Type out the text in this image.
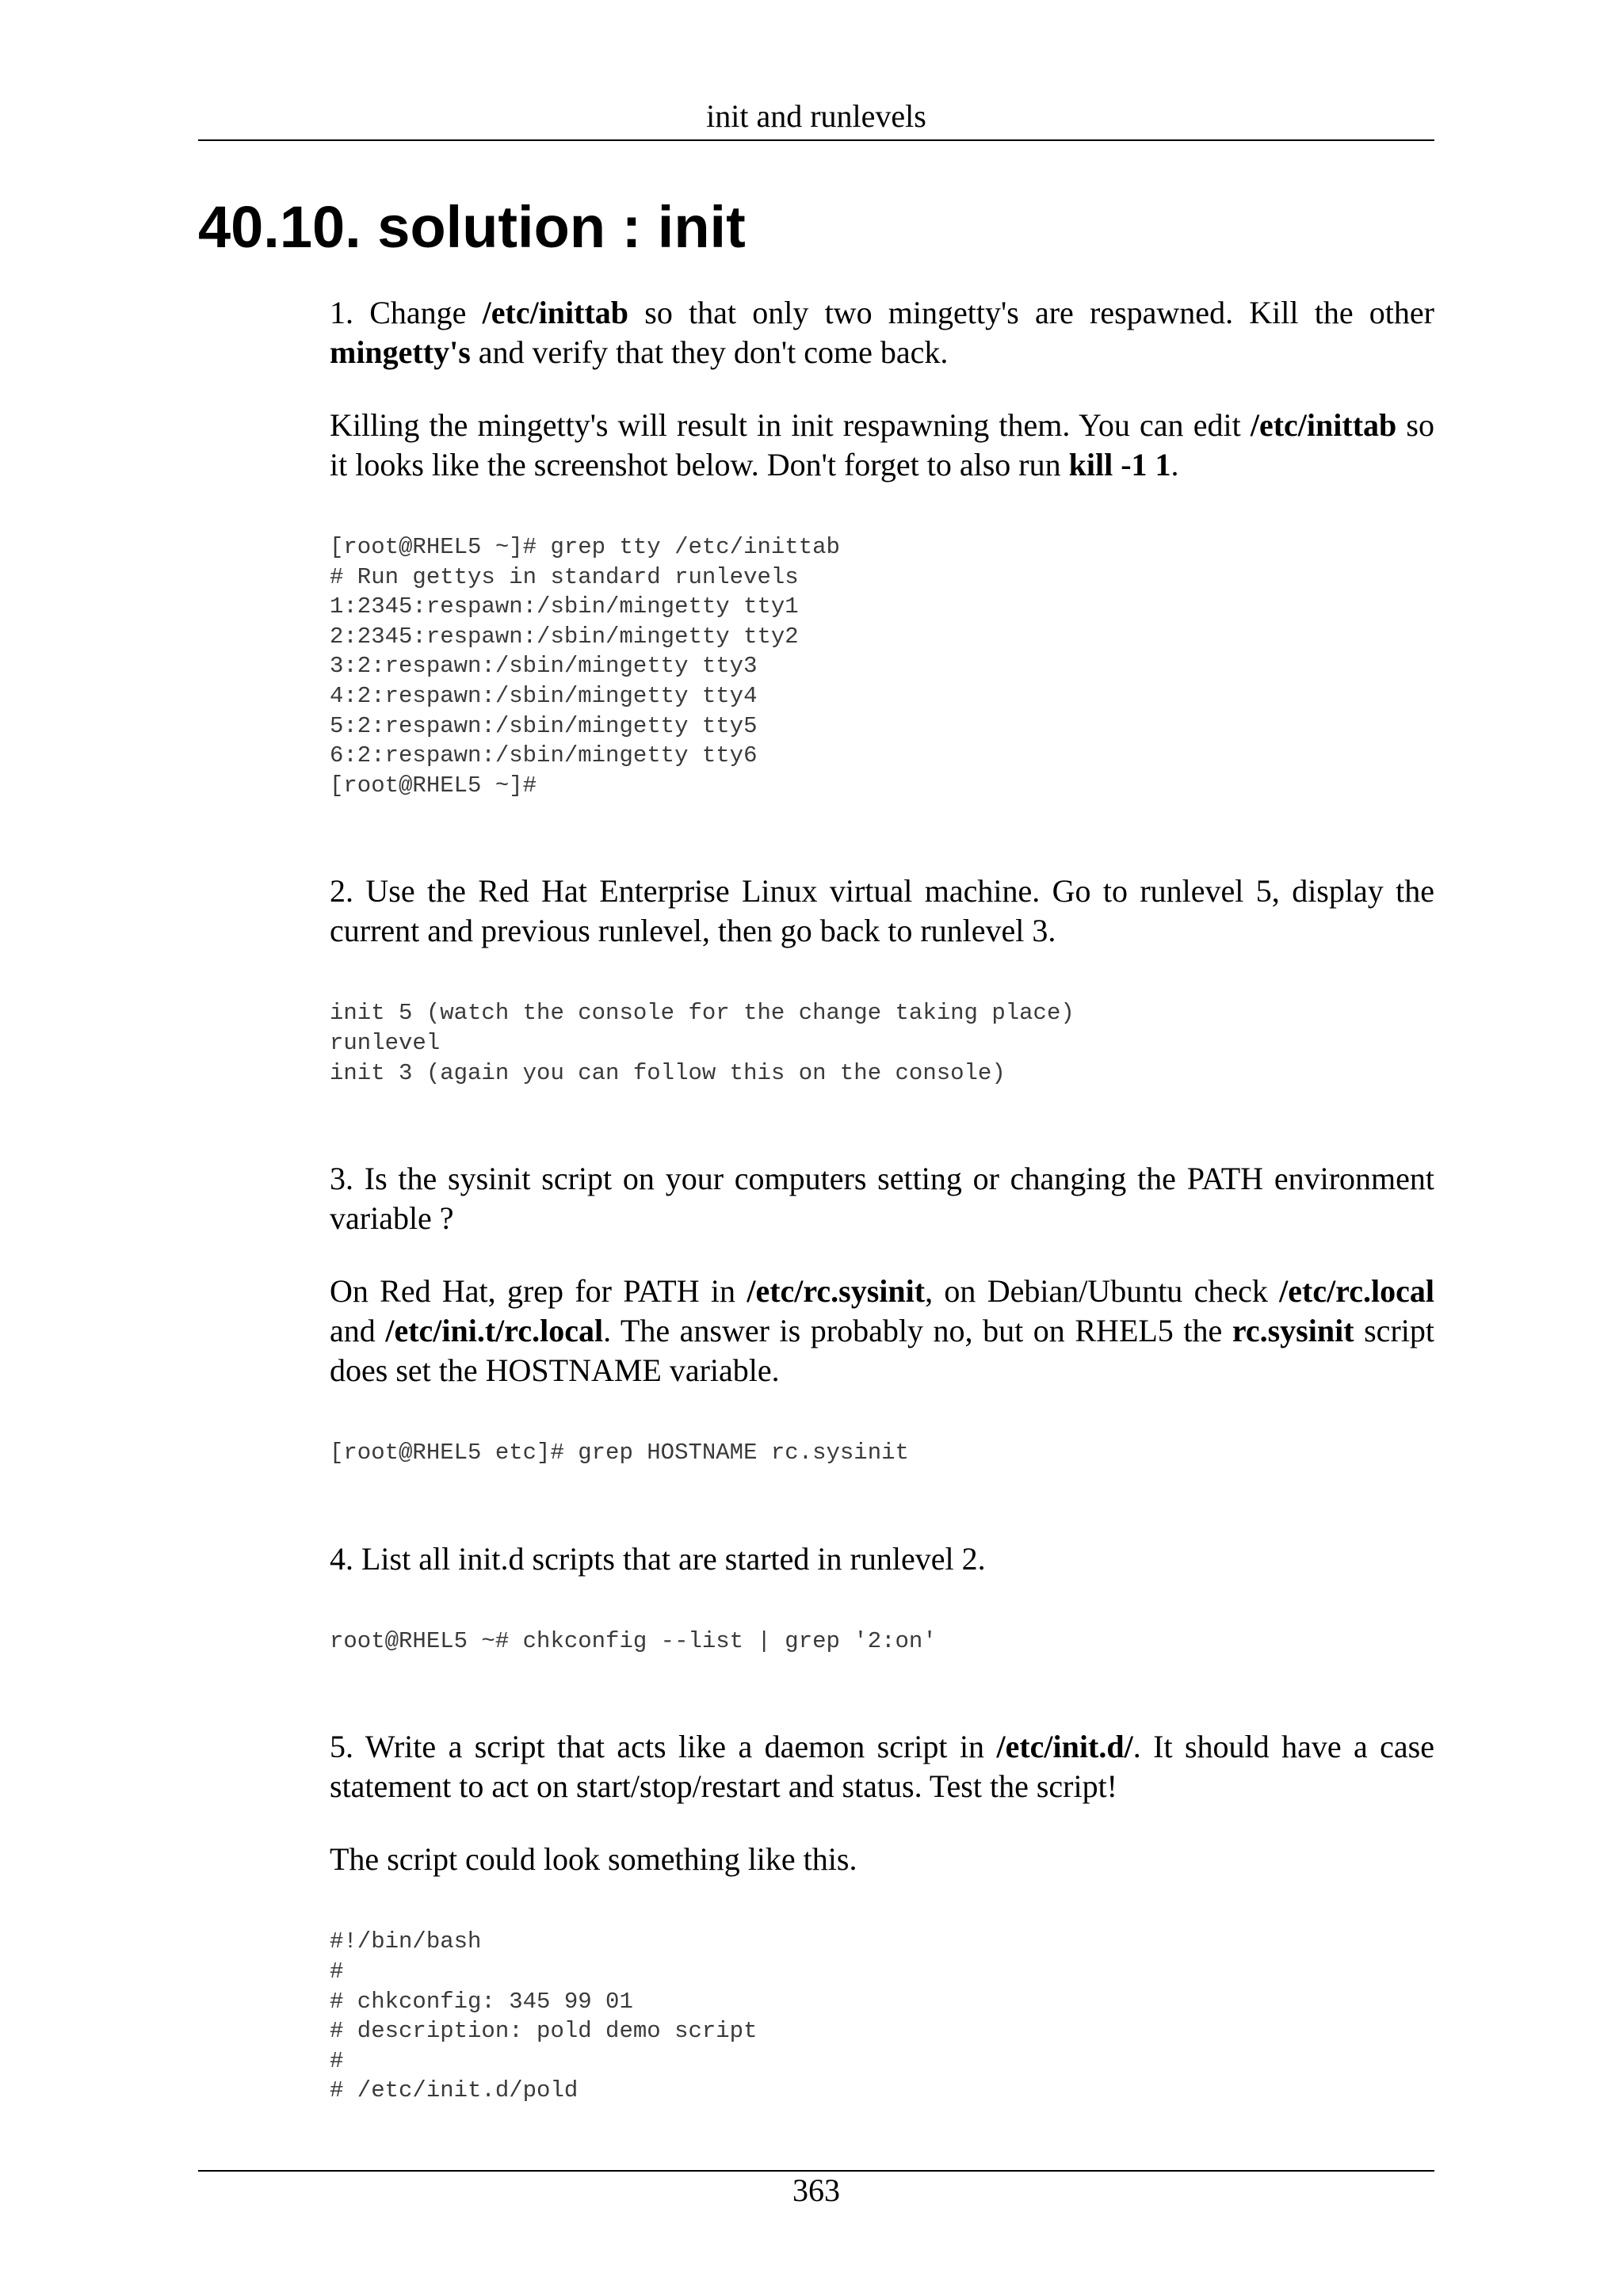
init and runlevels
40.10. solution : init

1. Change /etc/inittab so that only two mingetty's are respawned. Kill the other mingetty's and verify that they don't come back.

Killing the mingetty's will result in init respawning them. You can edit /etc/inittab so it looks like the screenshot below. Don't forget to also run kill -1 1.

[root@RHEL5 ~]# grep tty /etc/inittab
# Run gettys in standard runlevels
1:2345:respawn:/sbin/mingetty tty1
2:2345:respawn:/sbin/mingetty tty2
3:2:respawn:/sbin/mingetty tty3
4:2:respawn:/sbin/mingetty tty4
5:2:respawn:/sbin/mingetty tty5
6:2:respawn:/sbin/mingetty tty6
[root@RHEL5 ~]#

2. Use the Red Hat Enterprise Linux virtual machine. Go to runlevel 5, display the current and previous runlevel, then go back to runlevel 3.

init 5 (watch the console for the change taking place)
runlevel
init 3 (again you can follow this on the console)

3. Is the sysinit script on your computers setting or changing the PATH environment variable ?

On Red Hat, grep for PATH in /etc/rc.sysinit, on Debian/Ubuntu check /etc/rc.local and /etc/ini.t/rc.local. The answer is probably no, but on RHEL5 the rc.sysinit script does set the HOSTNAME variable.

[root@RHEL5 etc]# grep HOSTNAME rc.sysinit

4. List all init.d scripts that are started in runlevel 2.

root@RHEL5 ~# chkconfig --list | grep '2:on'

5. Write a script that acts like a daemon script in /etc/init.d/. It should have a case statement to act on start/stop/restart and status. Test the script!

The script could look something like this.

#!/bin/bash
#
# chkconfig: 345 99 01
# description: pold demo script
#
# /etc/init.d/pold
363
